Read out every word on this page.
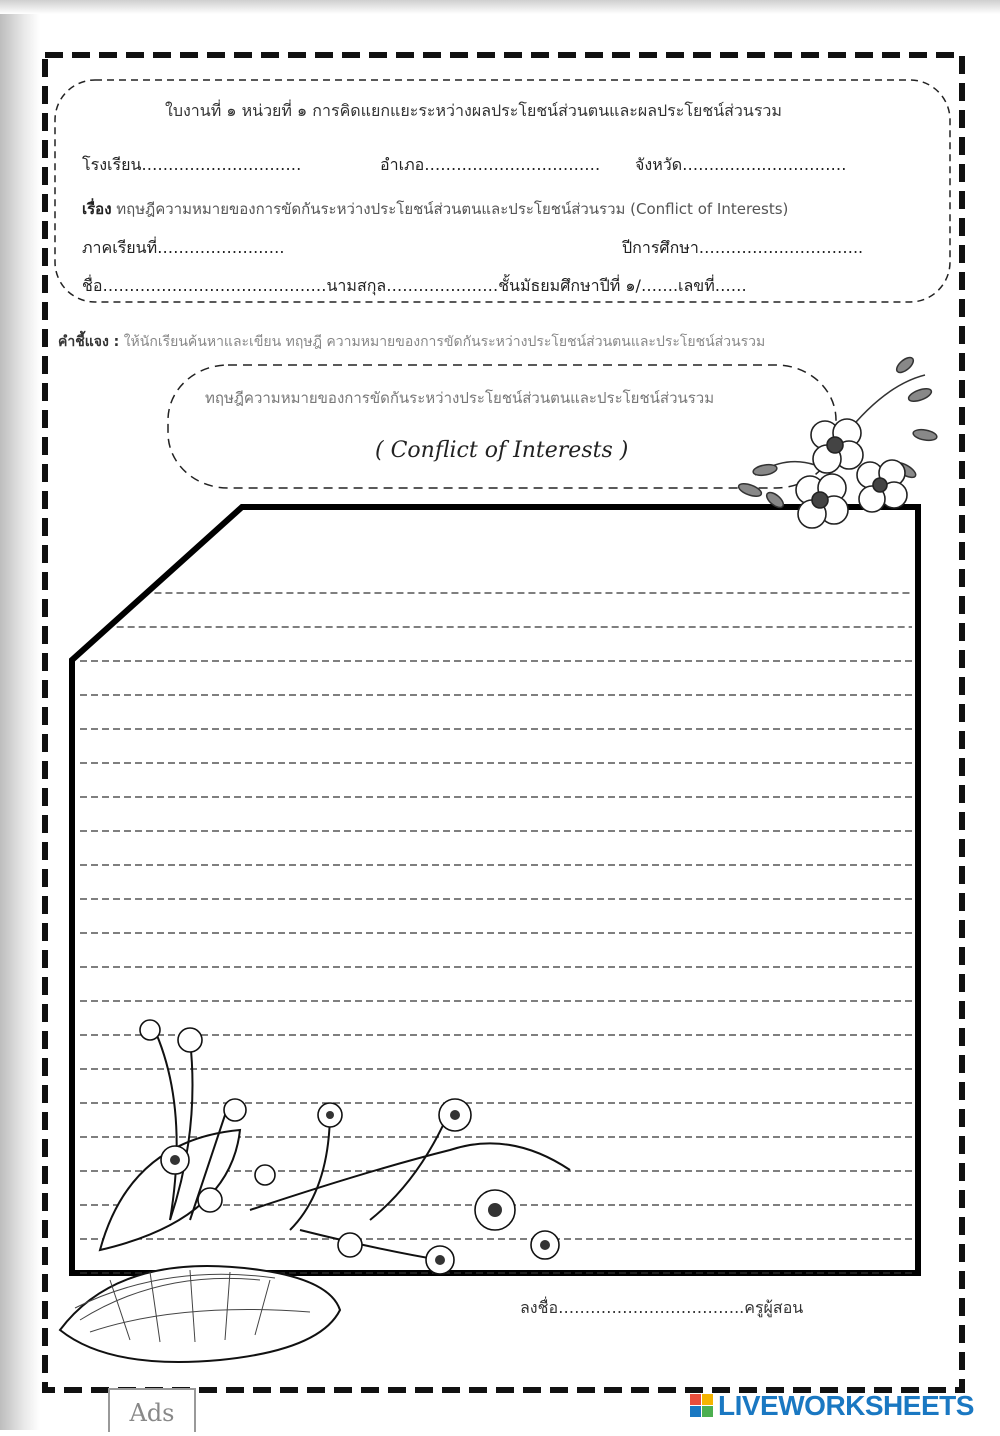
ใบงานที่ ๑ หน่วยที่ ๑ การคิดแยกแยะระหว่างผลประโยชน์ส่วนตนและผลประโยชน์ส่วนรวม
โรงเรียน…………………………	อำเภอ…………………………… จังหวัด……..……..……………
เรื่อง ทฤษฎีความหมายของการขัดกันระหว่างประโยชน์ส่วนตนและประโยชน์ส่วนรวม (Conflict of Interests)
ภาคเรียนที่………………..….	ปีการศึกษา……………..…………..
ชื่อ……………………………………นามสกุล…………………ชั้นมัธยมศึกษาปีที่ ๑/…….เลขที่……
คำชี้แจง : ให้นักเรียนค้นหาและเขียน ทฤษฎี ความหมายของการขัดกันระหว่างประโยชน์ส่วนตนและประโยชน์ส่วนรวม
ทฤษฎีความหมายของการขัดกันระหว่างประโยชน์ส่วนตนและประโยชน์ส่วนรวม
( Conflict of Interests )
ลงชื่อ……………………………..ครูผู้สอน
Ads	LIVEWORKSHEETS
